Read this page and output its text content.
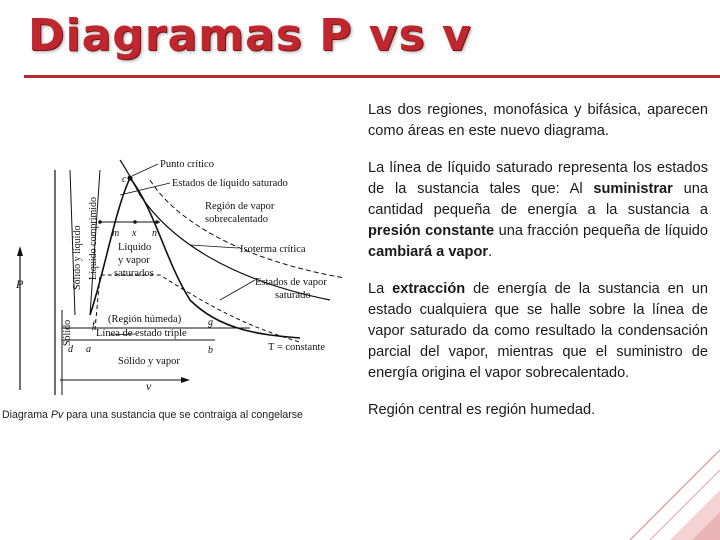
Diagramas P vs v

Las dos regiones, monofásica y bifásica, aparecen como áreas en este nuevo diagrama.

La línea de líquido saturado representa los estados de la sustancia tales que: Al suministrar una cantidad pequeña de energía a la sustancia a presión constante una fracción pequeña de líquido cambiará a vapor.

La extracción de energía de la sustancia en un estado cualquiera que se halle sobre la línea de vapor saturado da como resultado la condensación parcial del vapor, mientras que el suministro de energía origina el vapor sobrecalentado.

Región central es región humedad.

Punto crítico
Estados de líquido saturado
Región de vapor
sobrecalentado
Líquido
y vapor
saturados
Isoterma crítica
Estados de vapor
saturado
(Región húmeda)
Línea de estado triple
T = constante
Sólido y vapor
Sólido
Sólido y líquido Líquido comprimido
P
v
c
m x n
f	g
a	b
d
Diagrama Pv para una sustancia que se contraiga al congelarse
